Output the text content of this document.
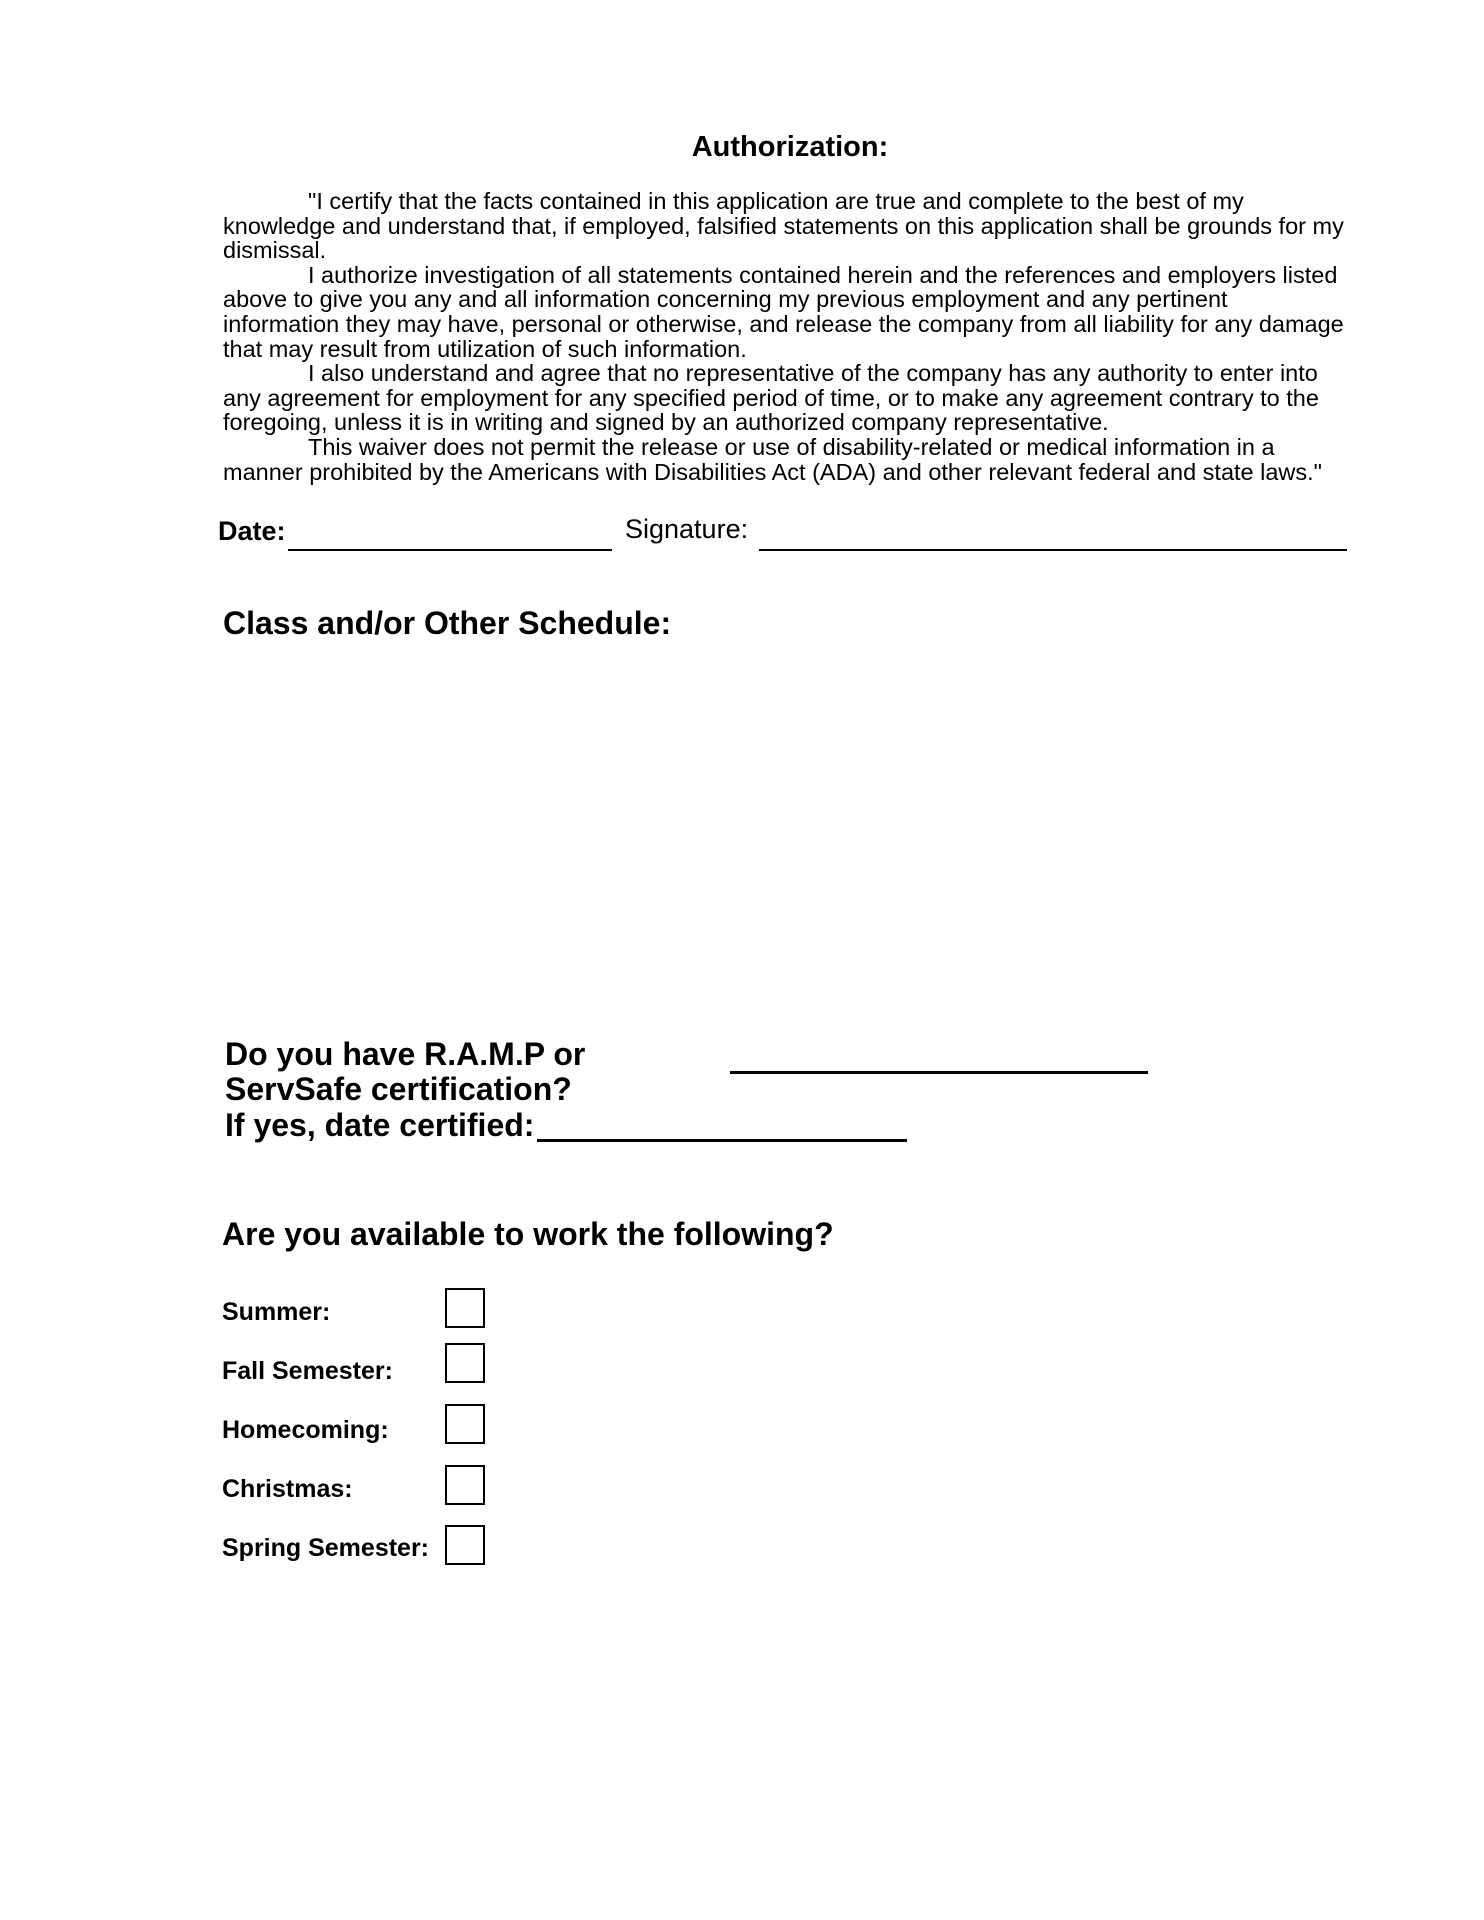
Authorization:

"I certify that the facts contained in this application are true and complete to the best of my knowledge and understand that, if employed, falsified statements on this application shall be grounds for my dismissal.

I authorize investigation of all statements contained herein and the references and employers listed above to give you any and all information concerning my previous employment and any pertinent information they may have, personal or otherwise, and release the company from all liability for any damage that may result from utilization of such information.

I also understand and agree that no representative of the company has any authority to enter into any agreement for employment for any specified period of time, or to make any agreement contrary to the foregoing, unless it is in writing and signed by an authorized company representative.

This waiver does not permit the release or use of disability-related or medical information in a manner prohibited by the Americans with Disabilities Act (ADA) and other relevant federal and state laws."

Date:	Signature:
Class and/or Other Schedule:
Do you have R.A.M.P or ServSafe certification?
If yes, date certified:
Are you available to work the following?
Summer:
Fall Semester:
Homecoming:
Christmas:
Spring Semester:
